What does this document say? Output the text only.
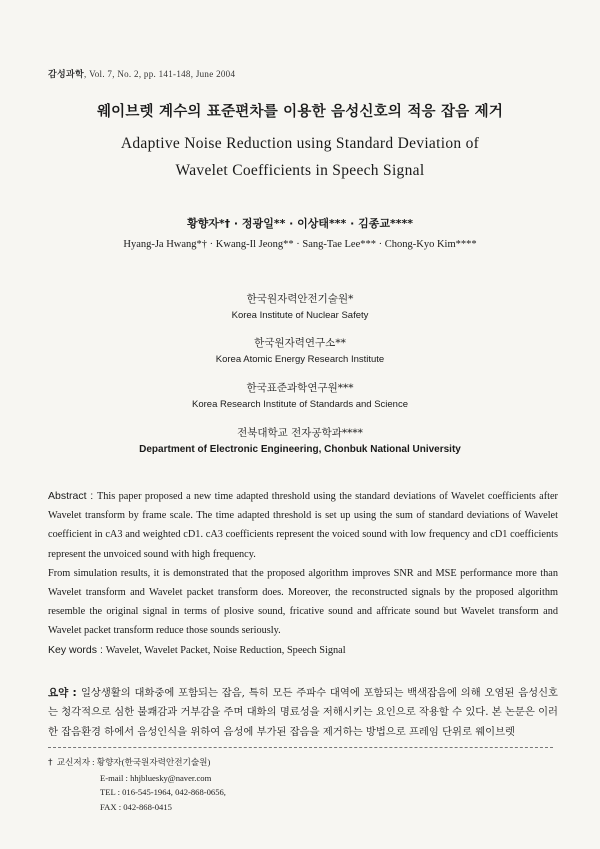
감성과학, Vol. 7, No. 2, pp. 141-148, June 2004
웨이브렛 계수의 표준편차를 이용한 음성신호의 적응 잡음 제거
Adaptive Noise Reduction using Standard Deviation of
Wavelet Coefficients in Speech Signal
황향자*† · 정광일** · 이상태*** · 김종교****
Hyang-Ja Hwang*† · Kwang-Il Jeong** · Sang-Tae Lee*** · Chong-Kyo Kim****
한국원자력안전기술원*
Korea Institute of Nuclear Safety
한국원자력연구소**
Korea Atomic Energy Research Institute
한국표준과학연구원***
Korea Research Institute of Standards and Science
전북대학교 전자공학과****
Department of Electronic Engineering, Chonbuk National University

Abstract : This paper proposed a new time adapted threshold using the standard deviations of Wavelet coefficients after Wavelet transform by frame scale. The time adapted threshold is set up using the sum of standard deviations of Wavelet coefficient in cA3 and weighted cD1. cA3 coefficients represent the voiced sound with low frequency and cD1 coefficients represent the unvoiced sound with high frequency.

From simulation results, it is demonstrated that the proposed algorithm improves SNR and MSE performance more than Wavelet transform and Wavelet packet transform does. Moreover, the reconstructed signals by the proposed algorithm resemble the original signal in terms of plosive sound, fricative sound and affricate sound but Wavelet transform and Wavelet packet transform reduce those sounds seriously.

Key words : Wavelet, Wavelet Packet, Noise Reduction, Speech Signal

요약 : 일상생활의 대화중에 포함되는 잡음, 특히 모든 주파수 대역에 포함되는 백색잡음에 의해 오염된 음성신호는 청각적으로 심한 불쾌감과 거부감을 주며 대화의 명료성을 저해시키는 요인으로 작용할 수 있다. 본 논문은 이러한 잡음환경 하에서 음성인식을 위하여 음성에 부가된 잡음을 제거하는 방법으로 프레임 단위로 웨이브렛
† 교신저자 : 황향자(한국원자력안전기술원)
E-mail : hhjbluesky@naver.com
TEL : 016-545-1964, 042-868-0656,
FAX : 042-868-0415
